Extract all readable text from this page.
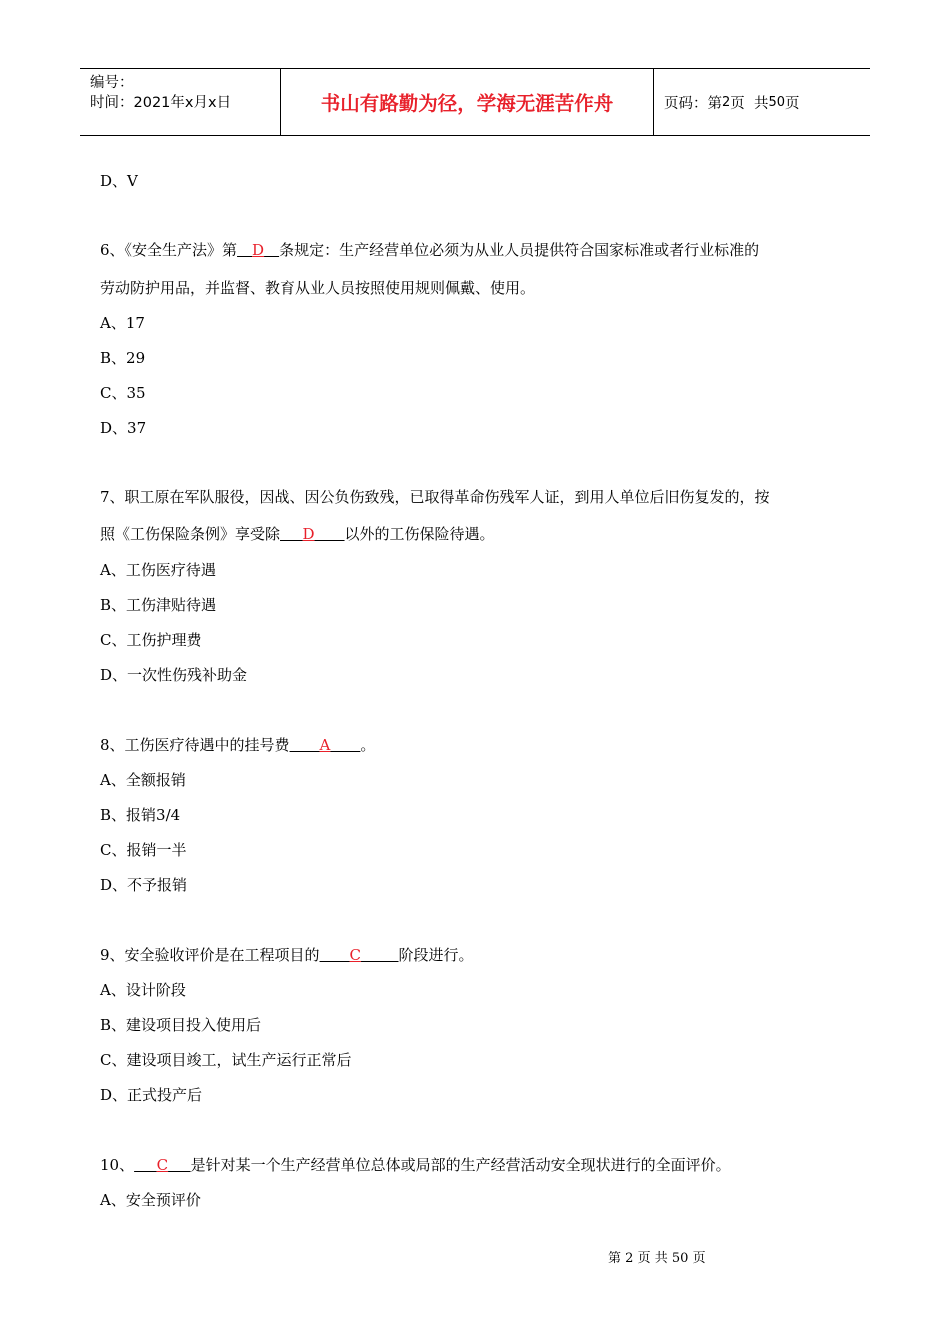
编号：
时间：2021年x月x日	书山有路勤为径，学海无涯苦作舟	页码：第 2 页  共 50 页
D、V
6、《安全生产法》第  D  条规定：生产经营单位必须为从业人员提供符合国家标准或者行业标准的
劳动防护用品，并监督、教育从业人员按照使用规则佩戴、使用。
A、17
B、29
C、35
D、37
7、职工原在军队服役，因战、因公负伤致残，已取得革命伤残军人证，到用人单位后旧伤复发的，按
照《工伤保险条例》享受除   D   以外的工伤保险待遇。
A、工伤医疗待遇
B、工伤津贴待遇
C、工伤护理费
D、一次性伤残补助金
8、工伤医疗待遇中的挂号费   A   。
A、全额报销
B、报销3/4
C、报销一半
D、不予报销
9、安全验收评价是在工程项目的   C   	阶段进行。
A、设计阶段
B、建设项目投入使用后
C、建设项目竣工，试生产运行正常后
D、正式投产后
10、   C   是针对某一个生产经营单位总体或局部的生产经营活动安全现状进行的全面评价。
A、安全预评价
第 2 页 共 50 页
